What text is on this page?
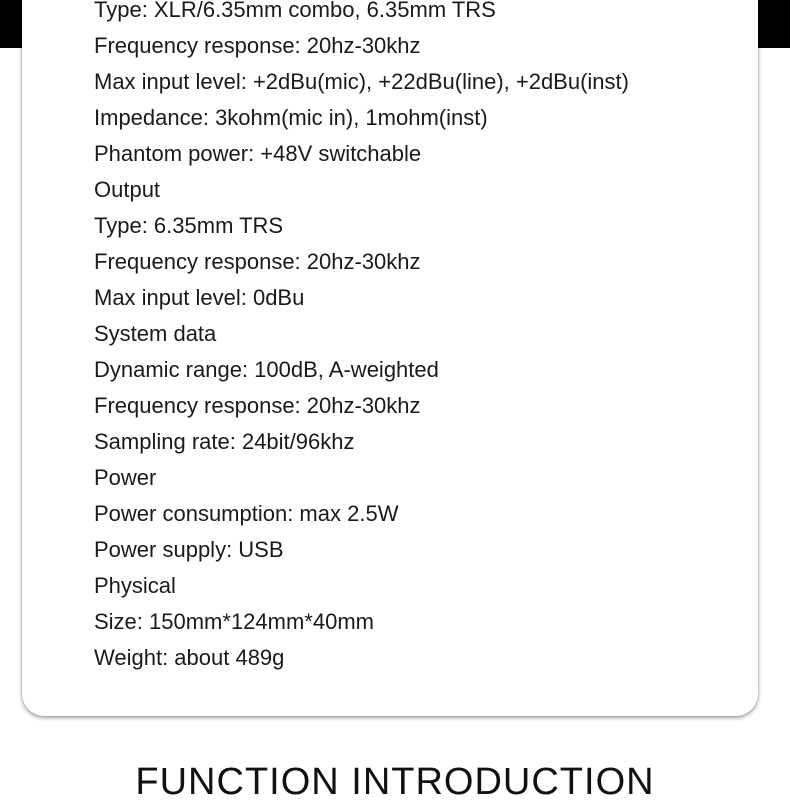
Type: XLR/6.35mm combo, 6.35mm TRS
Frequency response: 20hz-30khz
Max input level: +2dBu(mic), +22dBu(line), +2dBu(inst)
Impedance: 3kohm(mic in), 1mohm(inst)
Phantom power: +48V switchable
Output
Type: 6.35mm TRS
Frequency response: 20hz-30khz
Max input level: 0dBu
System data
Dynamic range: 100dB, A-weighted
Frequency response: 20hz-30khz
Sampling rate: 24bit/96khz
Power
Power consumption: max 2.5W
Power supply: USB
Physical
Size: 150mm*124mm*40mm
Weight: about 489g
FUNCTION INTRODUCTION
